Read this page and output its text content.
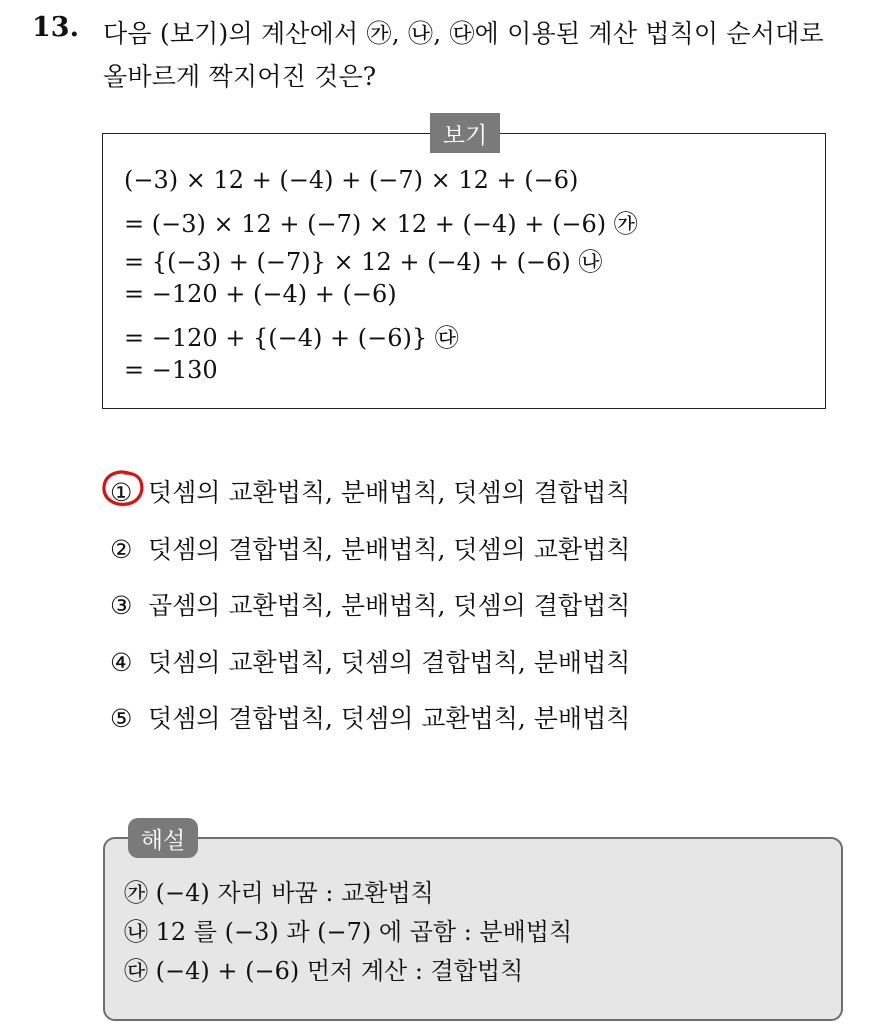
13. 다음 (보기)의 계산에서 ㉮, ㉯, ㉰에 이용된 계산 법칙이 순서대로
올바르게 짝지어진 것은?
보기
(−3) × 12 + (−4) + (−7) × 12 + (−6)
= (−3) × 12 + (−7) × 12 + (−4) + (−6) ㉮
= {(−3) + (−7)} × 12 + (−4) + (−6) ㉯
= −120 + (−4) + (−6)
= −120 + {(−4) + (−6)} ㉰
= −130
① 덧셈의 교환법칙, 분배법칙, 덧셈의 결합법칙
② 덧셈의 결합법칙, 분배법칙, 덧셈의 교환법칙
③ 곱셈의 교환법칙, 분배법칙, 덧셈의 결합법칙
④ 덧셈의 교환법칙, 덧셈의 결합법칙, 분배법칙
⑤ 덧셈의 결합법칙, 덧셈의 교환법칙, 분배법칙
해설
㉮ (−4) 자리 바꿈 : 교환법칙
㉯ 12 를 (−3) 과 (−7) 에 곱함 : 분배법칙
㉰ (−4) + (−6) 먼저 계산 : 결합법칙
